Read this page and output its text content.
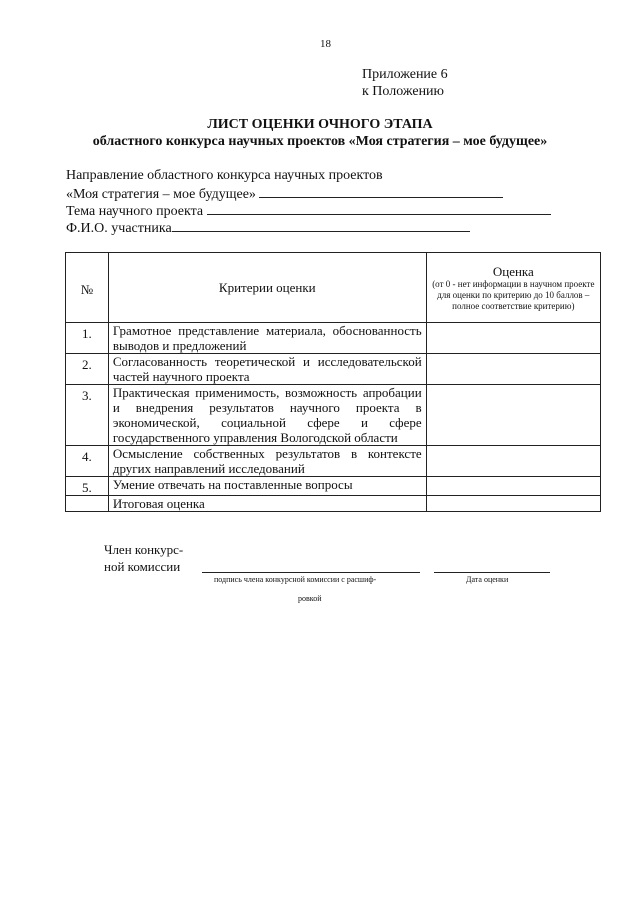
18
Приложение 6
к Положению
ЛИСТ ОЦЕНКИ ОЧНОГО ЭТАПА
областного конкурса научных проектов «Моя стратегия – мое будущее»
Направление областного конкурса научных проектов
«Моя стратегия – мое будущее»
Тема научного проекта
Ф.И.О. участника
№	Критерии оценки	Оценка
(от 0 - нет информации в научном проекте для оценки по критерию до 10 баллов – полное соответствие критерию)

1.	Грамотное представление материала, обоснованность выводов и предложений	
2.	Согласованность теоретической и исследовательской частей научного проекта	
3.	Практическая применимость, возможность апробации и внедрения результатов научного проекта в экономической, социальной сфере и сфере государственного управления Вологодской области	
4.	Осмысление собственных результатов в контексте других направлений исследований	
5.	Умение отвечать на поставленные вопросы	
	Итоговая оценка	
Член конкурс-
ной комиссии
подпись члена конкурсной комиссии с расшиф-
ровкой
Дата оценки
